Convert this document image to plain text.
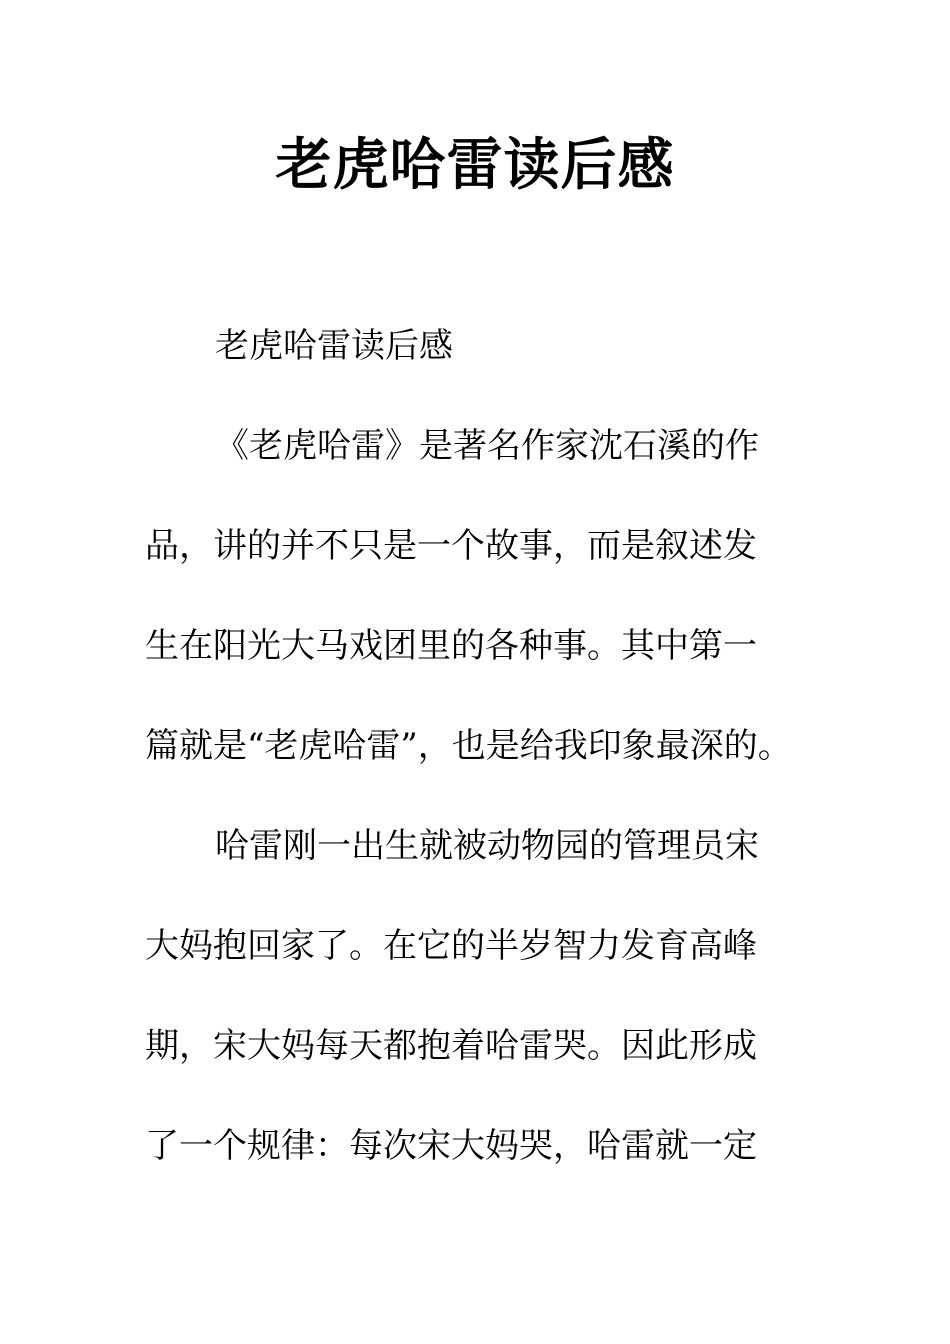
老虎哈雷读后感

老虎哈雷读后感

《老虎哈雷》是著名作家沈石溪的作
品，讲的并不只是一个故事，而是叙述发
生在阳光大马戏团里的各种事。其中第一
篇就是“老虎哈雷”，也是给我印象最深的。

哈雷刚一出生就被动物园的管理员宋
大妈抱回家了。在它的半岁智力发育高峰
期，宋大妈每天都抱着哈雷哭。因此形成
了一个规律：每次宋大妈哭，哈雷就一定
